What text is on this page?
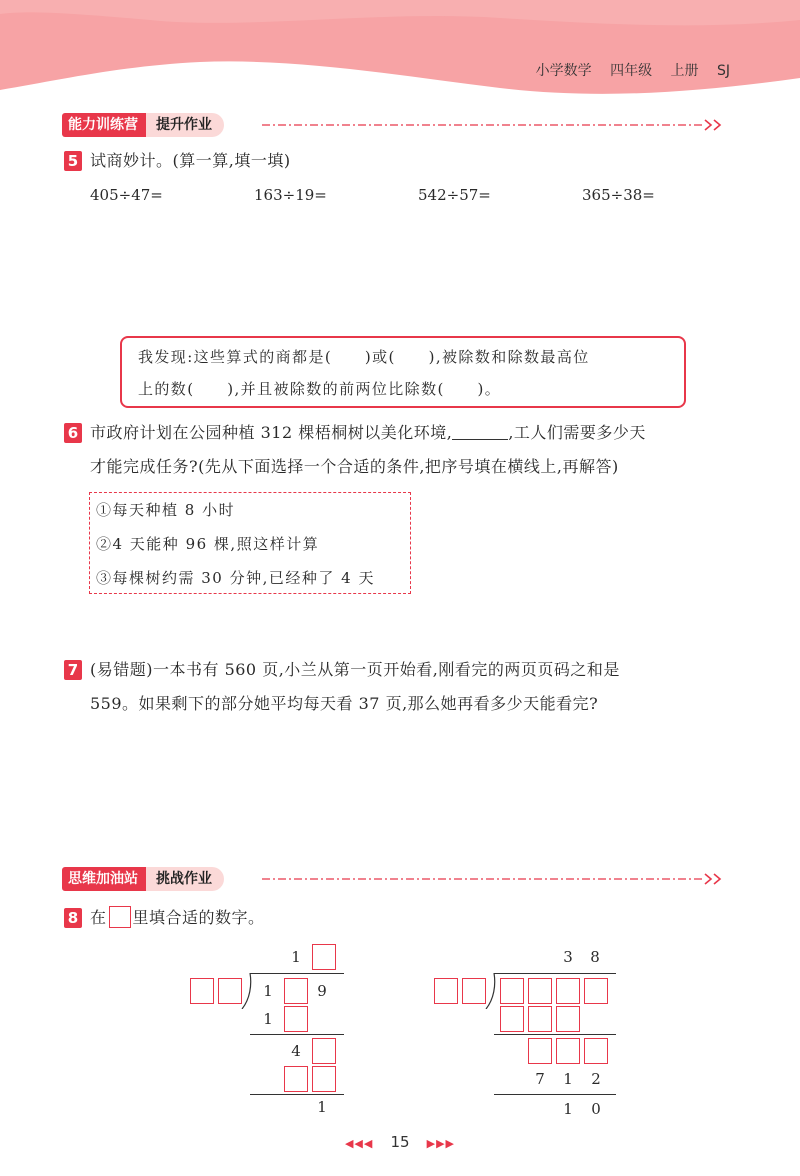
小学数学 四年级 上册 SJ
能力训练营	提升作业
5 试商妙计。(算一算,填一填)
405÷47=	163÷19=	542÷57=	365÷38=
我发现:这些算式的商都是(　　)或(　　),被除数和除数最高位
上的数(　　),并且被除数的前两位比除数(　　)。
6 市政府计划在公园种植 312 棵梧桐树以美化环境,	,工人们需要多少天
才能完成任务?(先从下面选择一个合适的条件,把序号填在横线上,再解答)
①每天种植 8 小时
②4 天能种 96 棵,照这样计算
③每棵树约需 30 分钟,已经种了 4 天
7 (易错题)一本书有 560 页,小兰从第一页开始看,刚看完的两页页码之和是
559。如果剩下的部分她平均每天看 37 页,那么她再看多少天能看完?
思维加油站	挑战作业
8 在 里填合适的数字。
1
1	9
1
4
1
3	8
7	1	2
1	0
◀◀◀ 15 ▶▶▶
